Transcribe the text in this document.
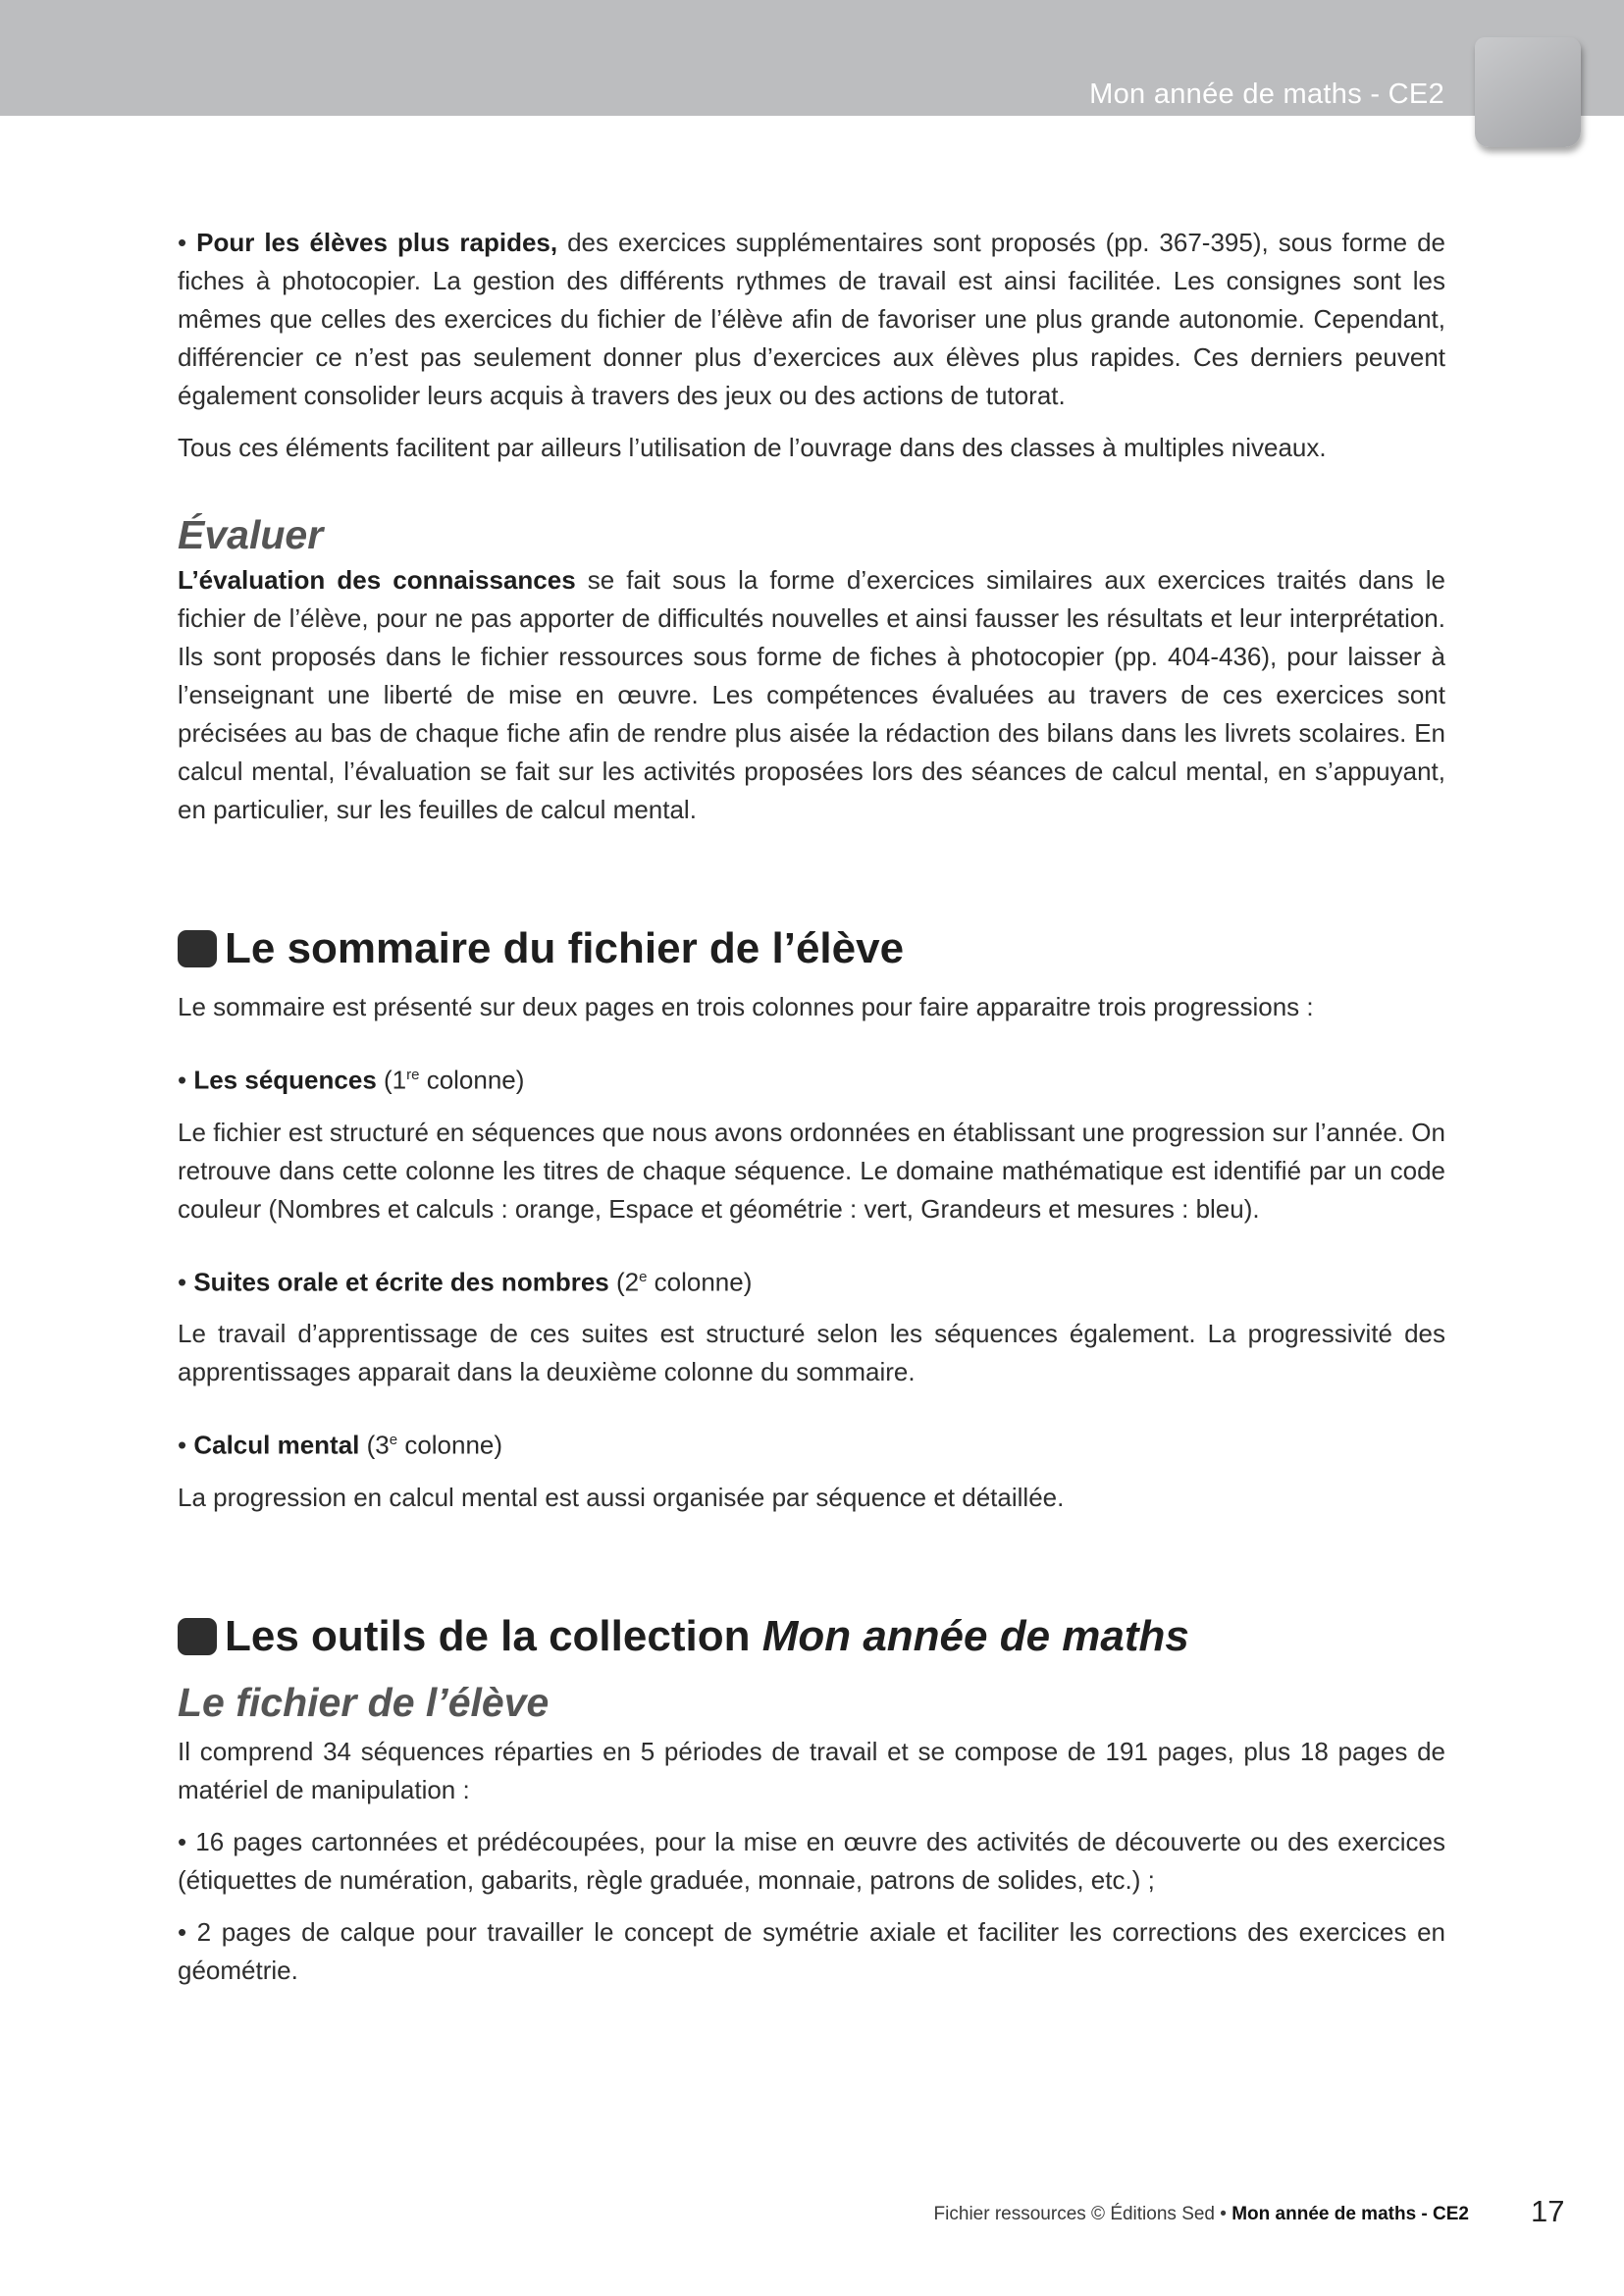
Mon année de maths - CE2

• Pour les élèves plus rapides, des exercices supplémentaires sont proposés (pp. 367-395), sous forme de fiches à photocopier. La gestion des différents rythmes de travail est ainsi facilitée. Les consignes sont les mêmes que celles des exercices du fichier de l’élève afin de favoriser une plus grande autonomie. Cependant, différencier ce n’est pas seulement donner plus d’exercices aux élèves plus rapides. Ces derniers peuvent également consolider leurs acquis à travers des jeux ou des actions de tutorat.

Tous ces éléments facilitent par ailleurs l’utilisation de l’ouvrage dans des classes à multiples niveaux.

Évaluer

L’évaluation des connaissances se fait sous la forme d’exercices similaires aux exercices traités dans le fichier de l’élève, pour ne pas apporter de difficultés nouvelles et ainsi fausser les résultats et leur interprétation. Ils sont proposés dans le fichier ressources sous forme de fiches à photocopier (pp. 404-436), pour laisser à l’enseignant une liberté de mise en œuvre. Les compétences évaluées au travers de ces exercices sont précisées au bas de chaque fiche afin de rendre plus aisée la rédaction des bilans dans les livrets scolaires. En calcul mental, l’évaluation se fait sur les activités proposées lors des séances de calcul mental, en s’appuyant, en particulier, sur les feuilles de calcul mental.

Le sommaire du fichier de l’élève

Le sommaire est présenté sur deux pages en trois colonnes pour faire apparaitre trois progressions :

• Les séquences (1re colonne)

Le fichier est structuré en séquences que nous avons ordonnées en établissant une progression sur l’année. On retrouve dans cette colonne les titres de chaque séquence. Le domaine mathématique est identifié par un code couleur (Nombres et calculs : orange, Espace et géométrie : vert, Grandeurs et mesures : bleu).

• Suites orale et écrite des nombres (2e colonne)

Le travail d’apprentissage de ces suites est structuré selon les séquences également. La progressivité des apprentissages apparait dans la deuxième colonne du sommaire.

• Calcul mental (3e colonne)

La progression en calcul mental est aussi organisée par séquence et détaillée.

Les outils de la collection Mon année de maths
Le fichier de l’élève

Il comprend 34 séquences réparties en 5 périodes de travail et se compose de 191 pages, plus 18 pages de matériel de manipulation :

• 16 pages cartonnées et prédécoupées, pour la mise en œuvre des activités de découverte ou des exercices (étiquettes de numération, gabarits, règle graduée, monnaie, patrons de solides, etc.) ;

• 2 pages de calque pour travailler le concept de symétrie axiale et faciliter les corrections des exercices en géométrie.

Fichier ressources © Éditions Sed • Mon année de maths - CE2 17
